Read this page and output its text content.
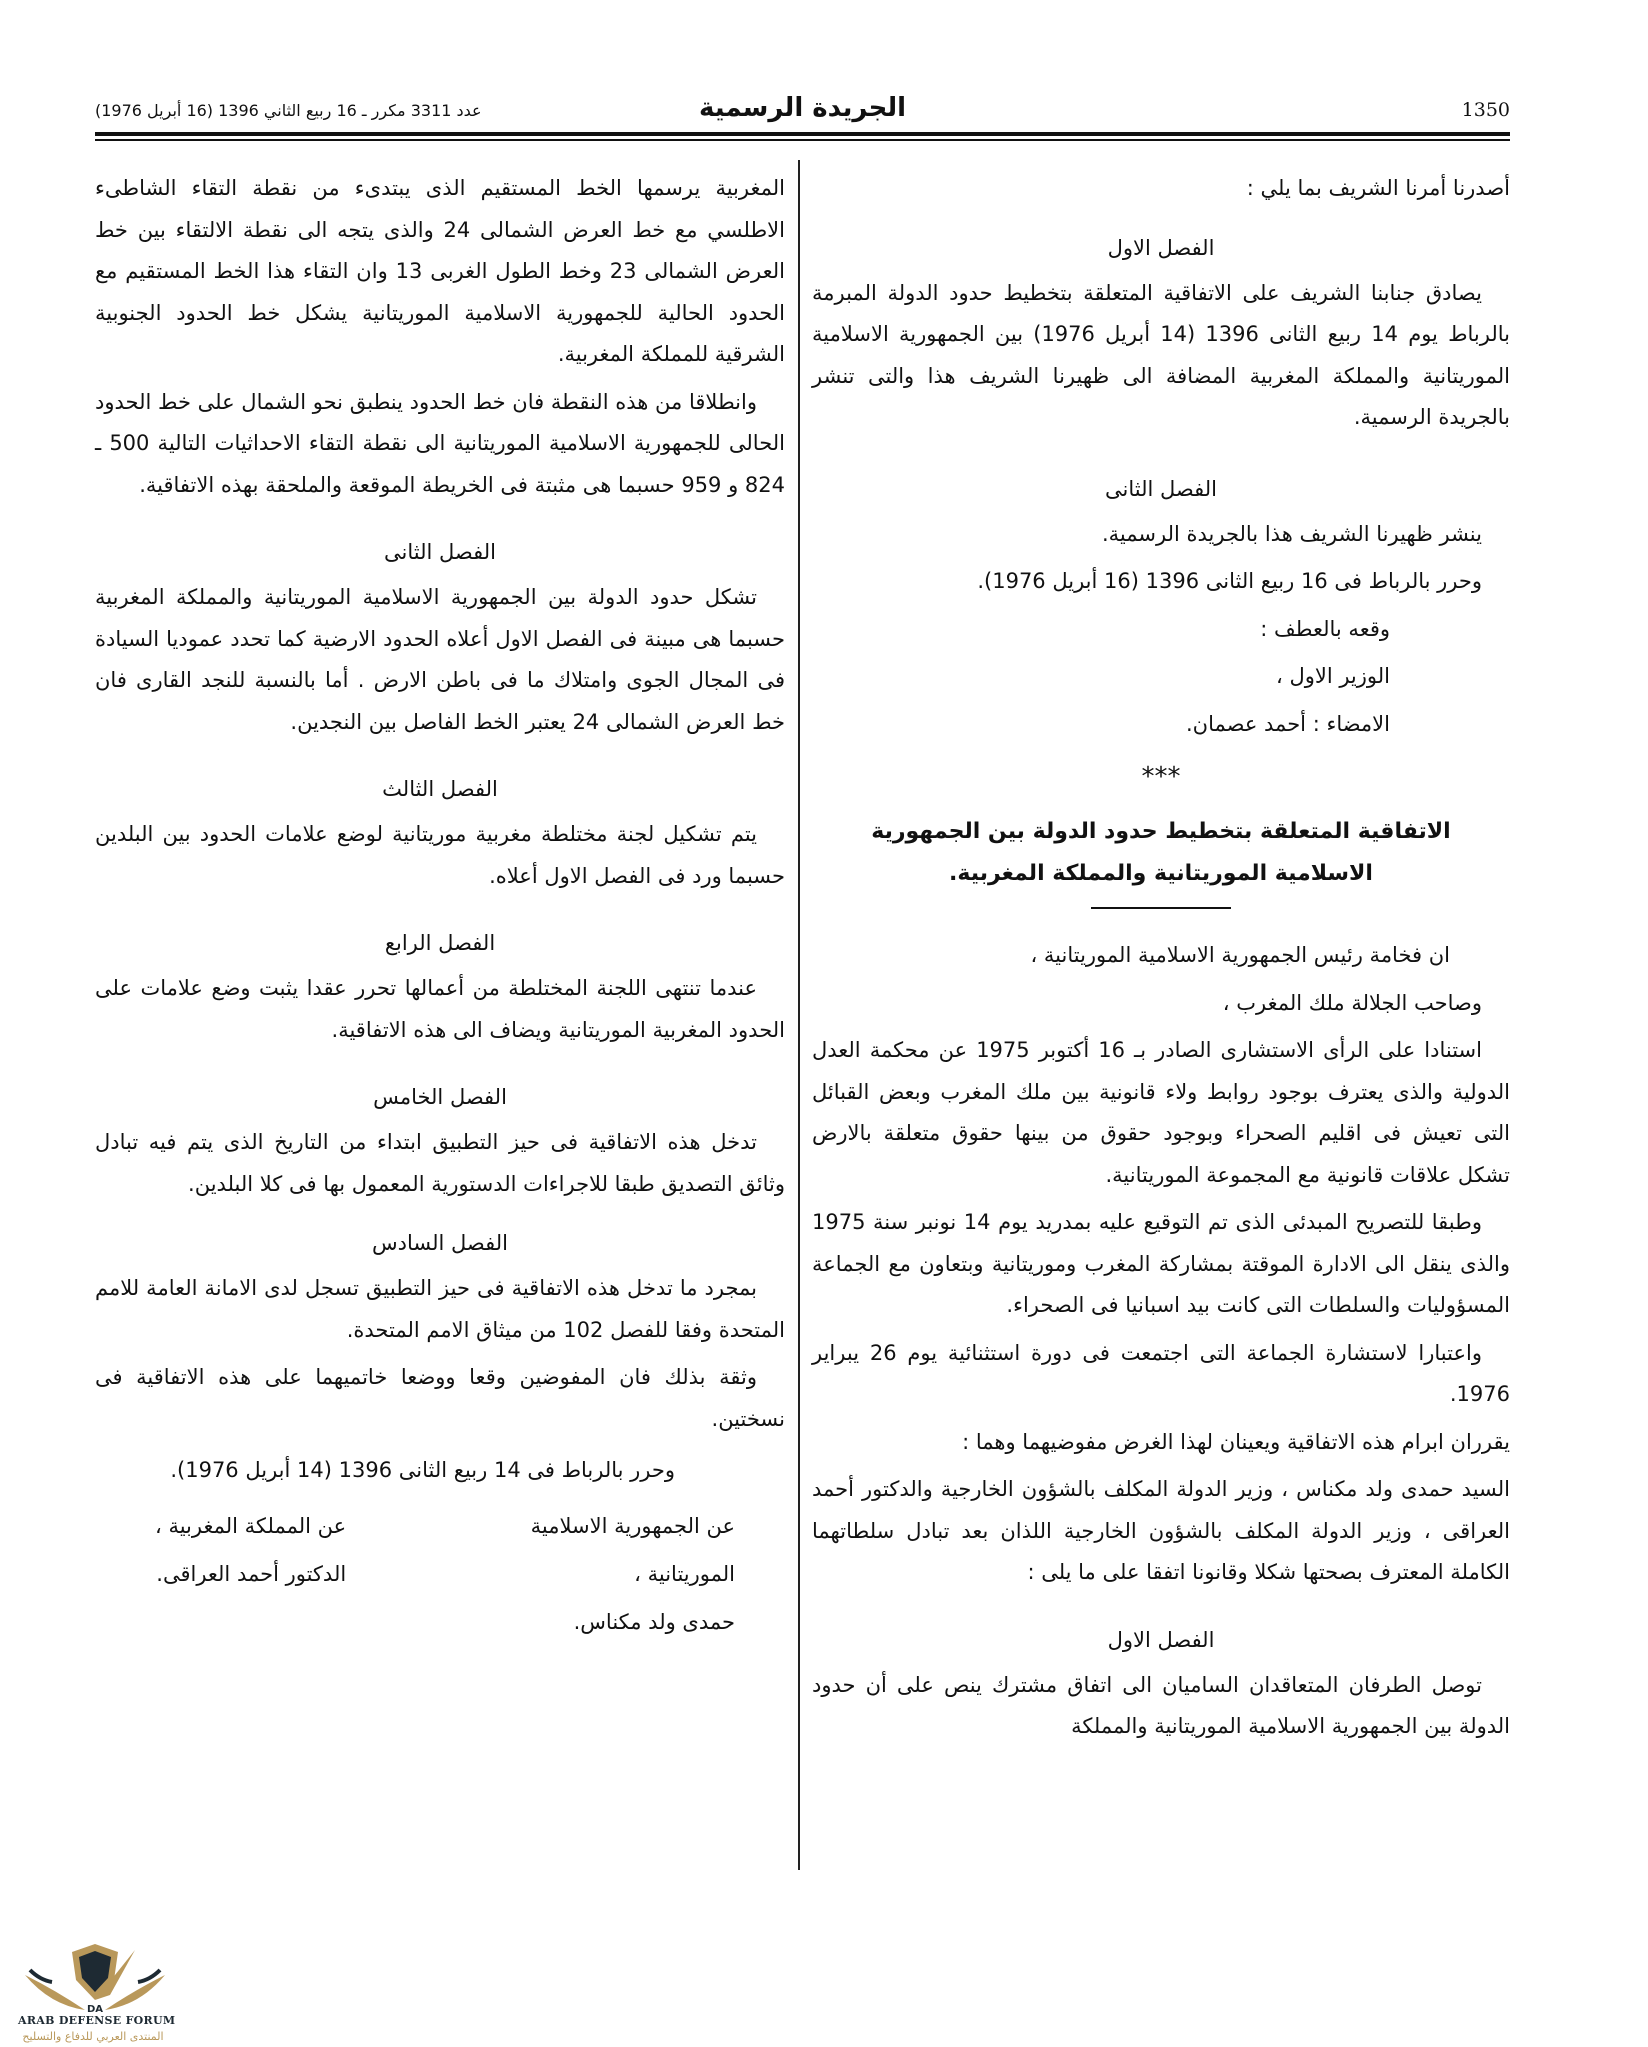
1350
الجريدة الرسمية
عدد 3311 مكرر ـ 16 ربيع الثاني 1396 (16 أبريل 1976)

أصدرنا أمرنا الشريف بما يلي :

الفصل الاول

يصادق جنابنا الشريف على الاتفاقية المتعلقة بتخطيط حدود الدولة المبرمة بالرباط يوم 14 ربيع الثانى 1396 (14 أبريل 1976) بين الجمهورية الاسلامية الموريتانية والمملكة المغربية المضافة الى ظهيرنا الشريف هذا والتى تنشر بالجريدة الرسمية.

الفصل الثانى

ينشر ظهيرنا الشريف هذا بالجريدة الرسمية.

وحرر بالرباط فى 16 ربيع الثانى 1396 (16 أبريل 1976).

وقعه بالعطف :

الوزير الاول ،

الامضاء : أحمد عصمان.

***
الاتفاقية المتعلقة بتخطيط حدود الدولة بين الجمهورية الاسلامية الموريتانية والمملكة المغربية.

ان فخامة رئيس الجمهورية الاسلامية الموريتانية ،

وصاحب الجلالة ملك المغرب ،

استنادا على الرأى الاستشارى الصادر بـ 16 أكتوبر 1975 عن محكمة العدل الدولية والذى يعترف بوجود روابط ولاء قانونية بين ملك المغرب وبعض القبائل التى تعيش فى اقليم الصحراء وبوجود حقوق من بينها حقوق متعلقة بالارض تشكل علاقات قانونية مع المجموعة الموريتانية.

وطبقا للتصريح المبدئى الذى تم التوقيع عليه بمدريد يوم 14 نونبر سنة 1975 والذى ينقل الى الادارة الموقتة بمشاركة المغرب وموريتانية وبتعاون مع الجماعة المسؤوليات والسلطات التى كانت بيد اسبانيا فى الصحراء.

واعتبارا لاستشارة الجماعة التى اجتمعت فى دورة استثنائية يوم 26 يبراير 1976.

يقرران ابرام هذه الاتفاقية ويعينان لهذا الغرض مفوضيهما وهما :

السيد حمدى ولد مكناس ، وزير الدولة المكلف بالشؤون الخارجية والدكتور أحمد العراقى ، وزير الدولة المكلف بالشؤون الخارجية اللذان بعد تبادل سلطاتهما الكاملة المعترف بصحتها شكلا وقانونا اتفقا على ما يلى :

الفصل الاول

توصل الطرفان المتعاقدان الساميان الى اتفاق مشترك ينص على أن حدود الدولة بين الجمهورية الاسلامية الموريتانية والمملكة

المغربية يرسمها الخط المستقيم الذى يبتدىء من نقطة التقاء الشاطىء الاطلسي مع خط العرض الشمالى 24 والذى يتجه الى نقطة الالتقاء بين خط العرض الشمالى 23 وخط الطول الغربى 13 وان التقاء هذا الخط المستقيم مع الحدود الحالية للجمهورية الاسلامية الموريتانية يشكل خط الحدود الجنوبية الشرقية للمملكة المغربية.

وانطلاقا من هذه النقطة فان خط الحدود ينطبق نحو الشمال على خط الحدود الحالى للجمهورية الاسلامية الموريتانية الى نقطة التقاء الاحداثيات التالية 500 ـ 824 و 959 حسبما هى مثبتة فى الخريطة الموقعة والملحقة بهذه الاتفاقية.

الفصل الثانى

تشكل حدود الدولة بين الجمهورية الاسلامية الموريتانية والمملكة المغربية حسبما هى مبينة فى الفصل الاول أعلاه الحدود الارضية كما تحدد عموديا السيادة فى المجال الجوى وامتلاك ما فى باطن الارض . أما بالنسبة للنجد القارى فان خط العرض الشمالى 24 يعتبر الخط الفاصل بين النجدين.

الفصل الثالث

يتم تشكيل لجنة مختلطة مغربية موريتانية لوضع علامات الحدود بين البلدين حسبما ورد فى الفصل الاول أعلاه.

الفصل الرابع

عندما تنتهى اللجنة المختلطة من أعمالها تحرر عقدا يثبت وضع علامات على الحدود المغربية الموريتانية ويضاف الى هذه الاتفاقية.

الفصل الخامس

تدخل هذه الاتفاقية فى حيز التطبيق ابتداء من التاريخ الذى يتم فيه تبادل وثائق التصديق طبقا للاجراءات الدستورية المعمول بها فى كلا البلدين.

الفصل السادس

بمجرد ما تدخل هذه الاتفاقية فى حيز التطبيق تسجل لدى الامانة العامة للامم المتحدة وفقا للفصل 102 من ميثاق الامم المتحدة.

وثقة بذلك فان المفوضين وقعا ووضعا خاتميهما على هذه الاتفاقية فى نسختين.

وحرر بالرباط فى 14 ربيع الثانى 1396 (14 أبريل 1976).

عن الجمهورية الاسلامية
الموريتانية ،
حمدى ولد مكناس.
عن المملكة المغربية ،
الدكتور أحمد العراقى.
DA
ARAB DEFENSE FORUM
المنتدى العربي للدفاع والتسليح
